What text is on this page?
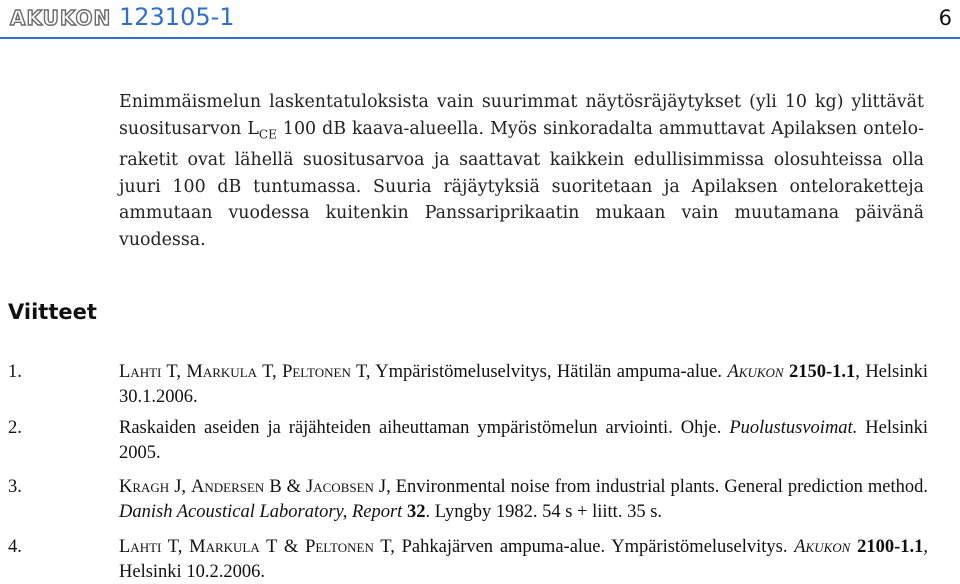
AKUKON 123105-1	6
Enimmäismelun laskentatuloksista vain suurimmat näytösräjäytykset (yli 10 kg) ylittävät suositusarvon $L_{CE}$ 100 dB kaava-alueella. Myös sinkoradalta ammuttavat Apilaksen onteloraketit ovat lähellä suositusarvoa ja saattavat kaikkein edullisimmissa olosuhteissa olla juuri 100 dB tuntumassa. Suuria räjäytyksiä suoritetaan ja Apilaksen onteloraketteja ammutaan vuodessa kuitenkin Panssariprikaatin mukaan vain muutamana päivänä vuodessa.
Viitteet
1.	Lahti T, Markula T, Peltonen T, Ympäristömeluselvitys, Hätilän ampuma-alue. Akukon 2150-1.1, Helsinki 30.1.2006.
2.	Raskaiden aseiden ja räjähteiden aiheuttaman ympäristömelun arviointi. Ohje. Puolustusvoimat. Helsinki 2005.
3.	Kragh J, Andersen B & Jacobsen J, Environmental noise from industrial plants. General prediction method. Danish Acoustical Laboratory, Report 32. Lyngby 1982. 54 s + liitt. 35 s.
4.	Lahti T, Markula T & Peltonen T, Pahkajärven ampuma-alue. Ympäristömeluselvitys. Akukon 2100-1.1, Helsinki 10.2.2006.
